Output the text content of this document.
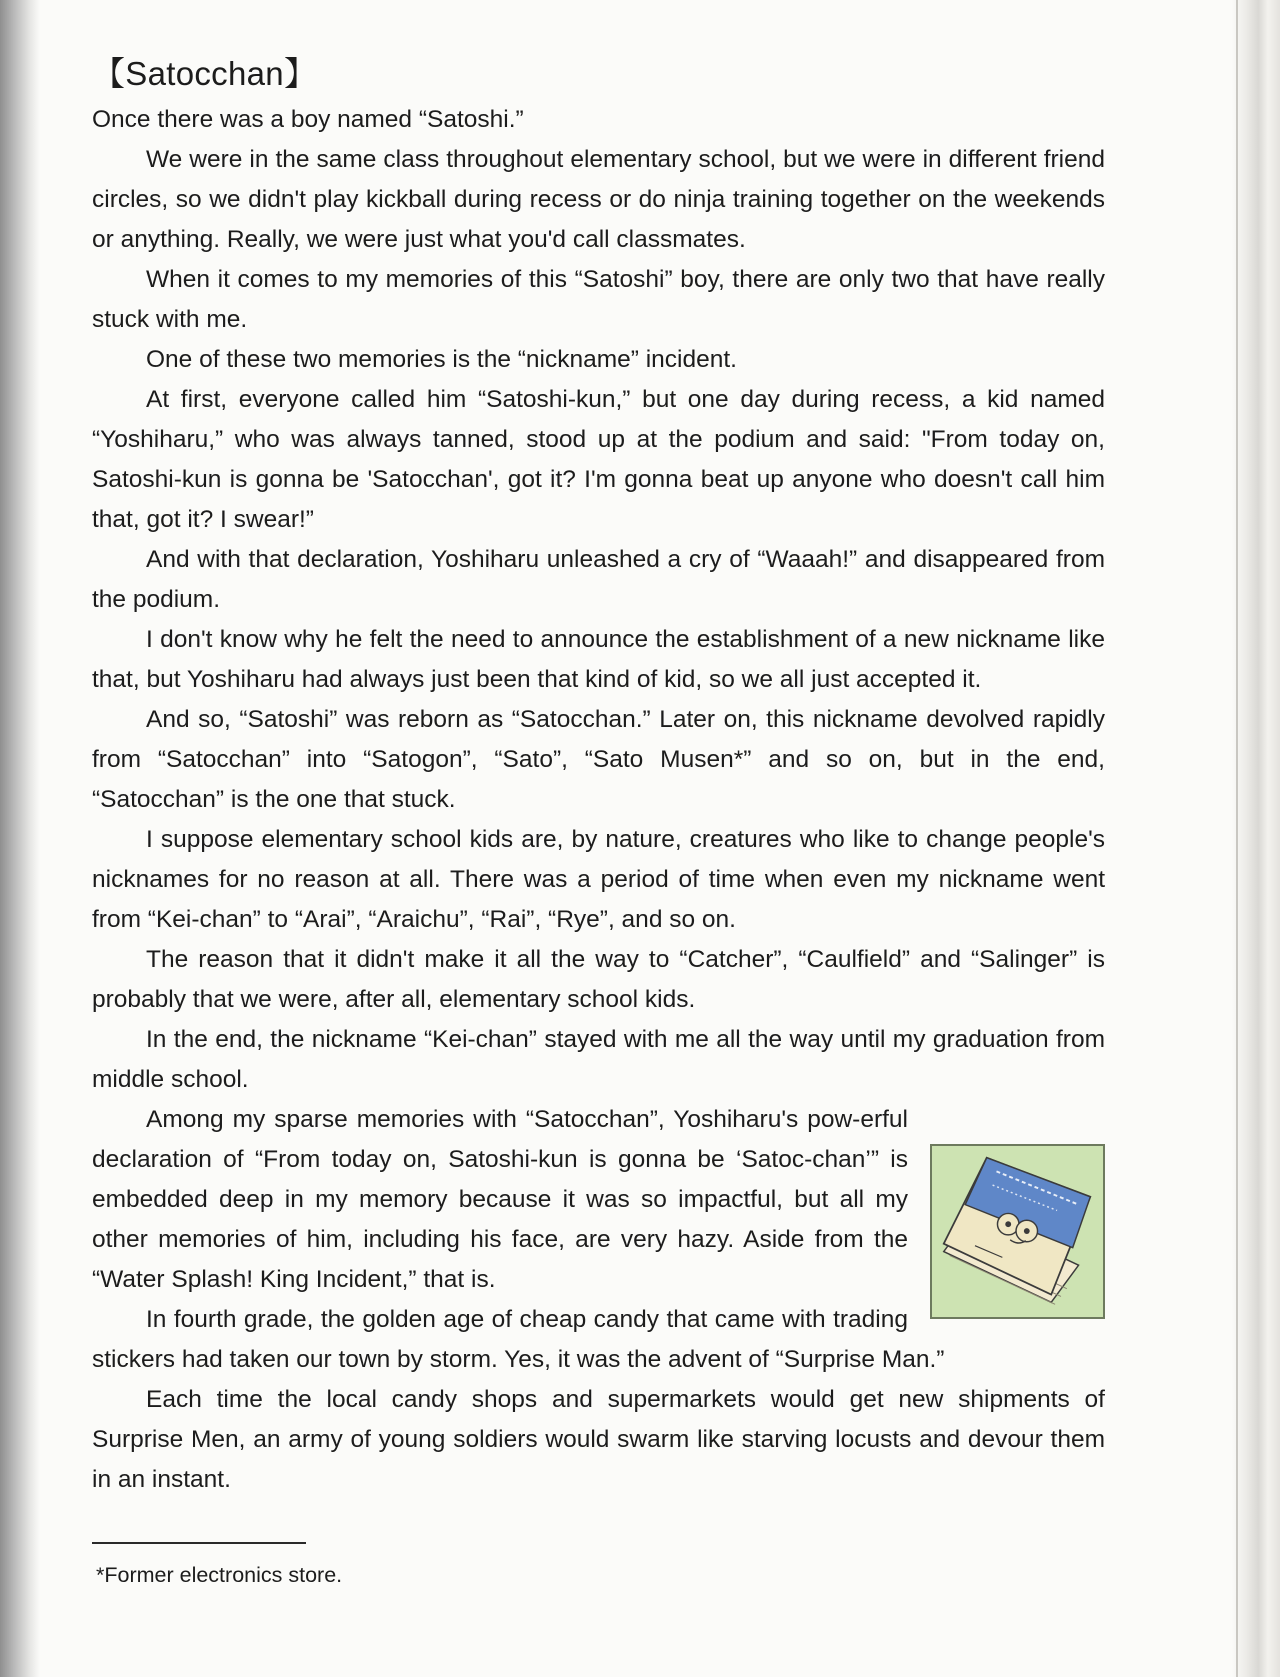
【Satocchan】

Once there was a boy named “Satoshi.”

We were in the same class throughout elementary school, but we were in different friend circles, so we didn't play kickball during recess or do ninja training together on the weekends or anything. Really, we were just what you'd call classmates.

When it comes to my memories of this “Satoshi” boy, there are only two that have really stuck with me.

One of these two memories is the “nickname” incident.

At first, everyone called him “Satoshi-kun,” but one day during recess, a kid named “Yoshiharu,” who was always tanned, stood up at the podium and said: "From today on, Satoshi-kun is gonna be 'Satocchan', got it? I'm gonna beat up anyone who doesn't call him that, got it? I swear!”

And with that declaration, Yoshiharu unleashed a cry of “Waaah!” and disappeared from the podium.

I don't know why he felt the need to announce the establishment of a new nickname like that, but Yoshiharu had always just been that kind of kid, so we all just accepted it.

And so, “Satoshi” was reborn as “Satocchan.” Later on, this nickname devolved rapidly from “Satocchan” into “Satogon”, “Sato”, “Sato Musen*” and so on, but in the end, “Satocchan” is the one that stuck.

I suppose elementary school kids are, by nature, creatures who like to change people's nicknames for no reason at all. There was a period of time when even my nickname went from “Kei-chan” to “Arai”, “Araichu”, “Rai”, “Rye”, and so on.

The reason that it didn't make it all the way to “Catcher”, “Caulfield” and “Salinger” is probably that we were, after all, elementary school kids.

In the end, the nickname “Kei-chan” stayed with me all the way until my graduation from middle school.

Among my sparse memories with “Satocchan”, Yoshiharu's pow-erful declaration of “From today on, Satoshi-kun is gonna be ‘Satoc-chan’” is embedded deep in my memory because it was so impactful, but all my other memories of him, including his face, are very hazy. Aside from the “Water Splash! King Incident,” that is.

In fourth grade, the golden age of cheap candy that came with trading stickers had taken our town by storm. Yes, it was the advent of “Surprise Man.”

Each time the local candy shops and supermarkets would get new shipments of Surprise Men, an army of young soldiers would swarm like starving locusts and devour them in an instant.

*Former electronics store.
